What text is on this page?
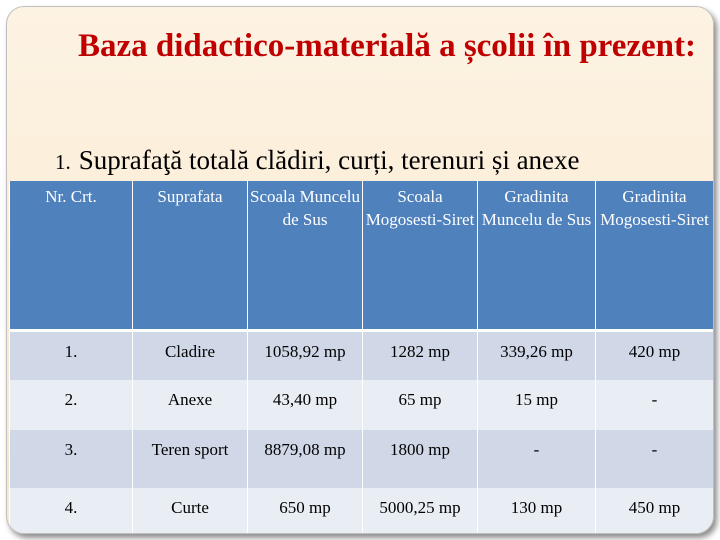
Baza didactico-materială a școlii în prezent:
1. Suprafaţă totală clădiri, curți, terenuri și anexe
Nr. Crt.	Suprafata	Scoala Muncelu de Sus	Scoala Mogosesti-Siret	Gradinita Muncelu de Sus	Gradinita Mogosesti-Siret
1.	Cladire	1058,92 mp	1282 mp	339,26 mp	420 mp
2.	Anexe	43,40 mp	65 mp	15 mp	-
3.	Teren sport	8879,08 mp	1800 mp	-	-
4.	Curte	650 mp	5000,25 mp	130 mp	450 mp
